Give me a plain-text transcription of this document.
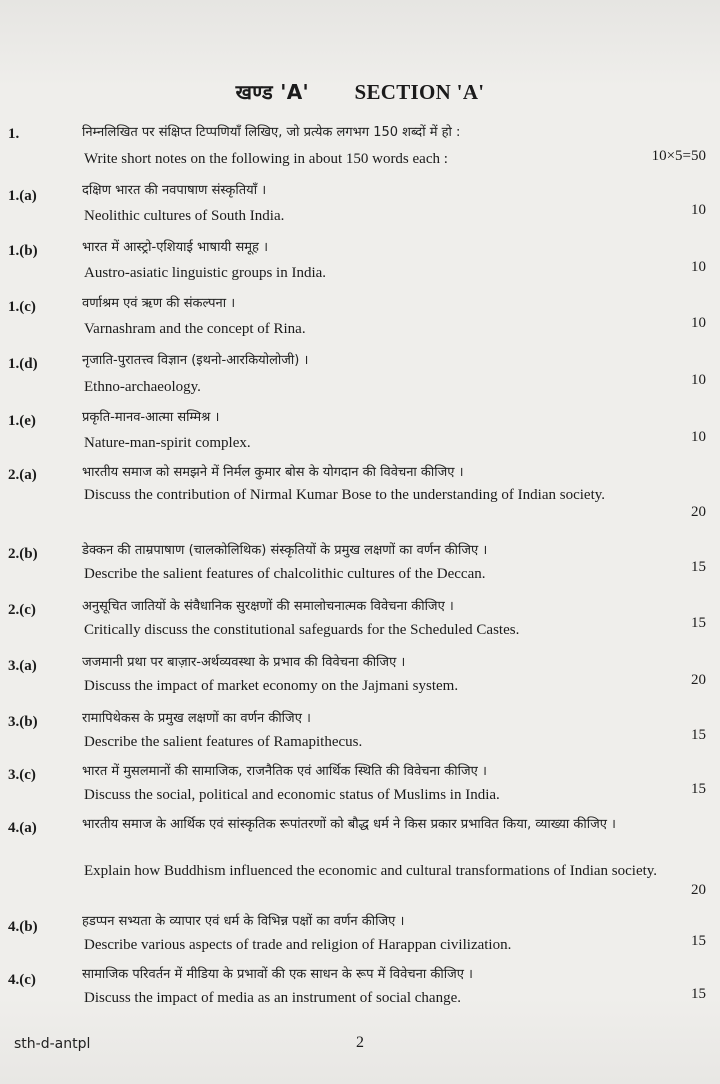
खण्ड 'A' SECTION 'A'
1.	निम्नलिखित पर संक्षिप्त टिप्पणियाँ लिखिए, जो प्रत्येक लगभग 150 शब्दों में हो :
Write short notes on the following in about 150 words each :	10×5=50
1.(a)	दक्षिण भारत की नवपाषाण संस्कृतियाँ ।
Neolithic cultures of South India.	10
1.(b)	भारत में आस्ट्रो-एशियाई भाषायी समूह ।
Austro-asiatic linguistic groups in India.	10
1.(c)	वर्णाश्रम एवं ऋण की संकल्पना ।
Varnashram and the concept of Rina.	10
1.(d)	नृजाति-पुरातत्त्व विज्ञान (इथनो-आरकियोलोजी) ।
Ethno-archaeology.	10
1.(e)	प्रकृति-मानव-आत्मा सम्मिश्र ।
Nature-man-spirit complex.	10
2.(a)	भारतीय समाज को समझने में निर्मल कुमार बोस के योगदान की विवेचना कीजिए ।
Discuss the contribution of Nirmal Kumar Bose to the understanding of Indian society.
20
2.(b)	डेक्कन की ताम्रपाषाण (चालकोलिथिक) संस्कृतियों के प्रमुख लक्षणों का वर्णन कीजिए ।
Describe the salient features of chalcolithic cultures of the Deccan.	15
2.(c)	अनुसूचित जातियों के संवैधानिक सुरक्षणों की समालोचनात्मक विवेचना कीजिए ।
Critically discuss the constitutional safeguards for the Scheduled Castes.	15
3.(a)	जजमानी प्रथा पर बाज़ार-अर्थव्यवस्था के प्रभाव की विवेचना कीजिए ।
Discuss the impact of market economy on the Jajmani system.	20
3.(b)	रामापिथेकस के प्रमुख लक्षणों का वर्णन कीजिए ।
Describe the salient features of Ramapithecus.	15
3.(c)	भारत में मुसलमानों की सामाजिक, राजनैतिक एवं आर्थिक स्थिति की विवेचना कीजिए ।
Discuss the social, political and economic status of Muslims in India.	15
4.(a)	भारतीय समाज के आर्थिक एवं सांस्कृतिक रूपांतरणों को बौद्ध धर्म ने किस प्रकार प्रभावित किया, व्याख्या कीजिए ।
Explain how Buddhism influenced the economic and cultural transformations of Indian society.
20
4.(b)	हडप्पन सभ्यता के व्यापार एवं धर्म के विभिन्न पक्षों का वर्णन कीजिए ।
Describe various aspects of trade and religion of Harappan civilization.	15
4.(c)	सामाजिक परिवर्तन में मीडिया के प्रभावों की एक साधन के रूप में विवेचना कीजिए ।
Discuss the impact of media as an instrument of social change.	15
sth-d-antpl	2
